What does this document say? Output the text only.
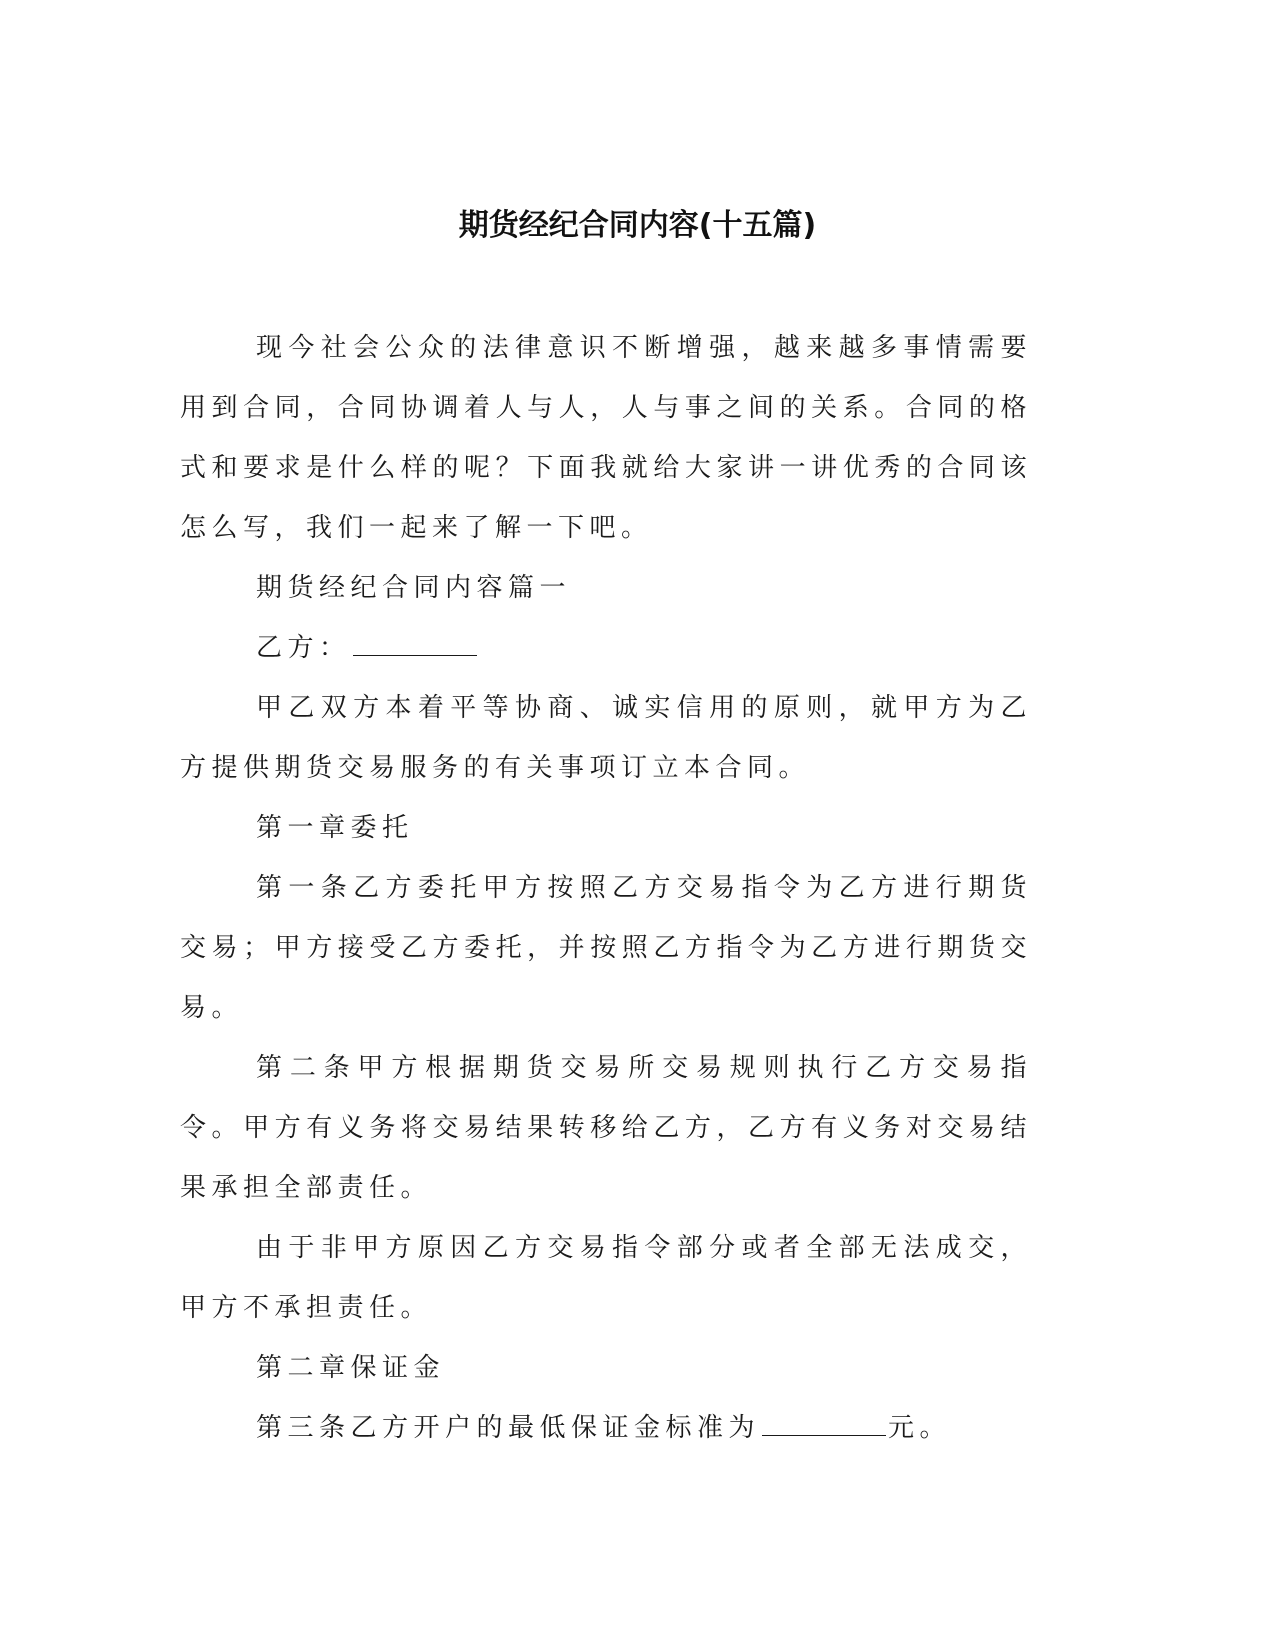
期货经纪合同内容(十五篇)

现今社会公众的法律意识不断增强，越来越多事情需要用到合同，合同协调着人与人，人与事之间的关系。合同的格式和要求是什么样的呢？下面我就给大家讲一讲优秀的合同该怎么写，我们一起来了解一下吧。

期货经纪合同内容篇一

乙方：

甲乙双方本着平等协商、诚实信用的原则，就甲方为乙方提供期货交易服务的有关事项订立本合同。

第一章委托

第一条乙方委托甲方按照乙方交易指令为乙方进行期货交易；甲方接受乙方委托，并按照乙方指令为乙方进行期货交易。

第二条甲方根据期货交易所交易规则执行乙方交易指令。甲方有义务将交易结果转移给乙方，乙方有义务对交易结果承担全部责任。

由于非甲方原因乙方交易指令部分或者全部无法成交，甲方不承担责任。

第二章保证金

第三条乙方开户的最低保证金标准为	元。
